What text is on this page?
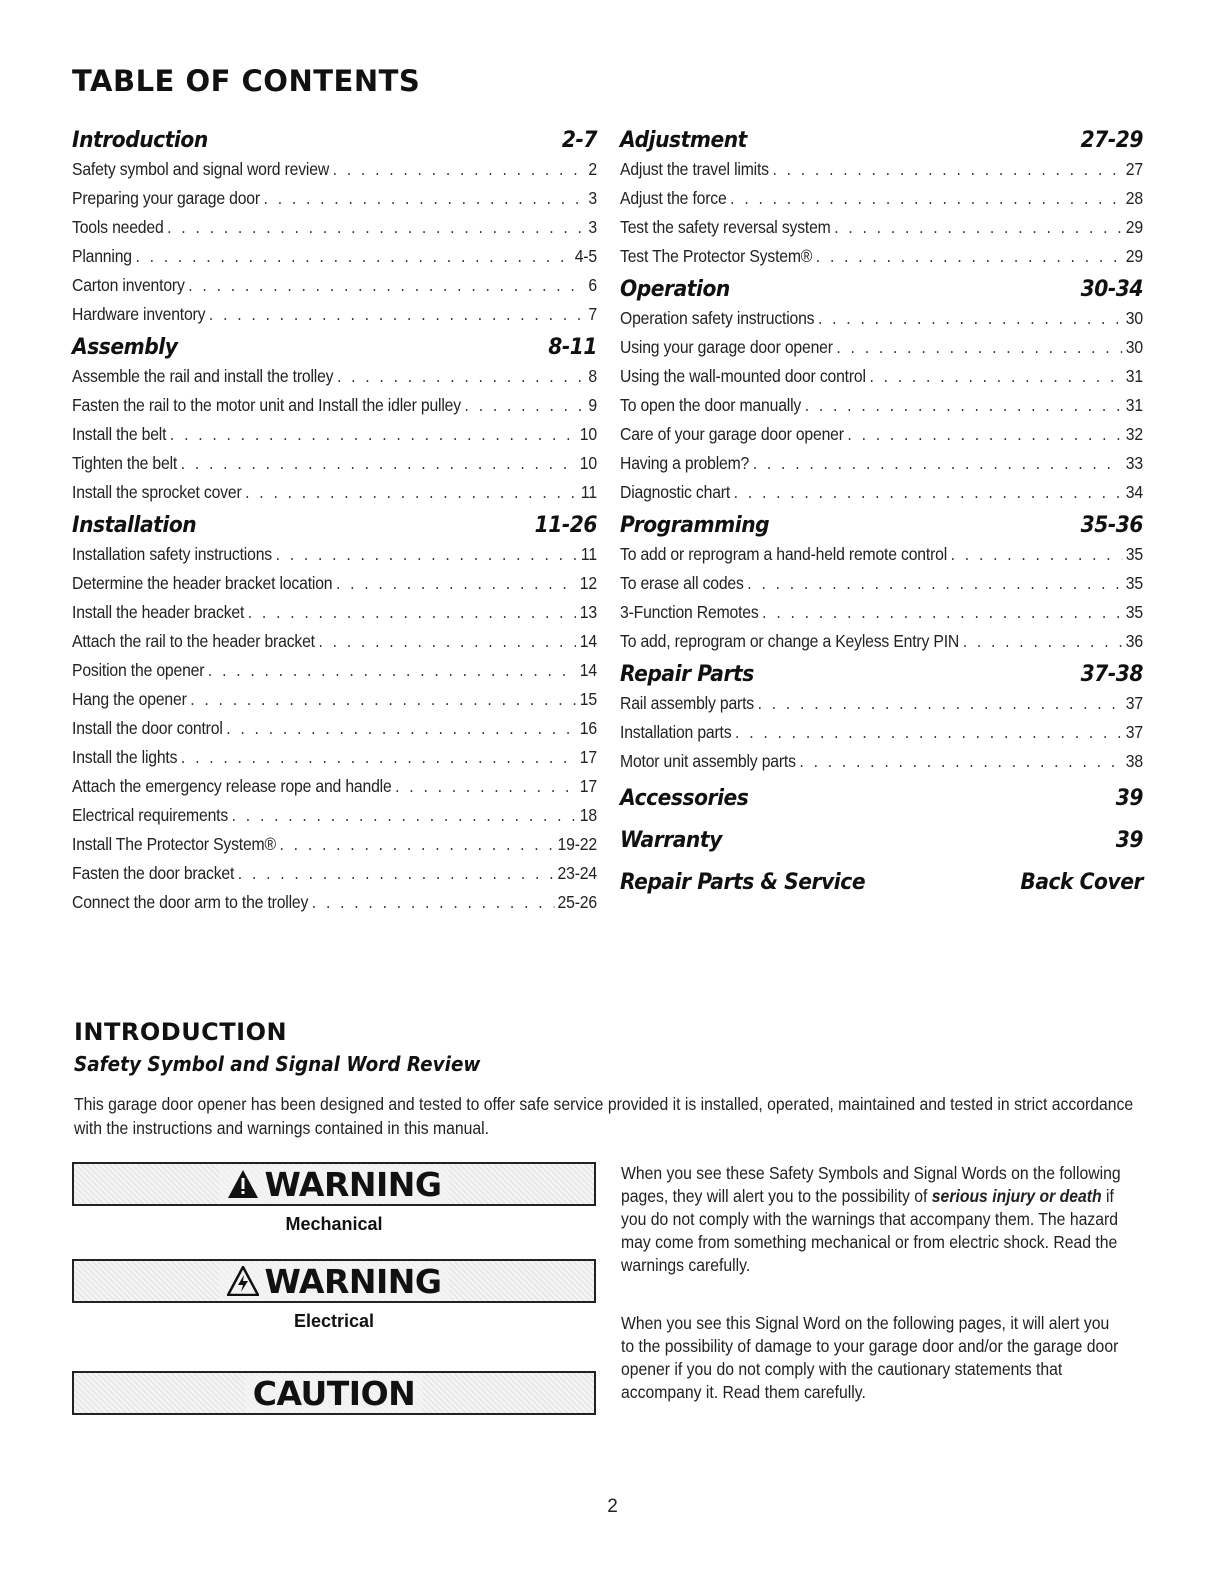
TABLE OF CONTENTS
Introduction	2-7
Safety symbol and signal word review . . .	2
Preparing your garage door . . .	3
Tools needed . . .	3
Planning . . .	4-5
Carton inventory . . .	6
Hardware inventory . . .	7
Assembly	8-11
Assemble the rail and install the trolley . . .	8
Fasten the rail to the motor unit and Install the idler pulley . . .	9
Install the belt . . .	10
Tighten the belt . . .	10
Install the sprocket cover . . .	11
Installation	11-26
Installation safety instructions . . .	11
Determine the header bracket location . . .	12
Install the header bracket . . .	13
Attach the rail to the header bracket . . .	14
Position the opener . . .	14
Hang the opener . . .	15
Install the door control . . .	16
Install the lights . . .	17
Attach the emergency release rope and handle . . .	17
Electrical requirements . . .	18
Install The Protector System® . . .	19-22
Fasten the door bracket . . .	23-24
Connect the door arm to the trolley . . .	25-26
Adjustment	27-29
Adjust the travel limits . . .	27
Adjust the force . . .	28
Test the safety reversal system . . .	29
Test The Protector System® . . .	29
Operation	30-34
Operation safety instructions . . .	30
Using your garage door opener . . .	30
Using the wall-mounted door control . . .	31
To open the door manually . . .	31
Care of your garage door opener . . .	32
Having a problem? . . .	33
Diagnostic chart . . .	34
Programming	35-36
To add or reprogram a hand-held remote control . . .	35
To erase all codes . . .	35
3-Function Remotes . . .	35
To add, reprogram or change a Keyless Entry PIN . . .	36
Repair Parts	37-38
Rail assembly parts . . .	37
Installation parts . . .	37
Motor unit assembly parts . . .	38
Accessories	39
Warranty	39
Repair Parts & Service	Back Cover
INTRODUCTION
Safety Symbol and Signal Word Review
This garage door opener has been designed and tested to offer safe service provided it is installed, operated, maintained and tested in strict accordance with the instructions and warnings contained in this manual.
WARNING
Mechanical
WARNING
Electrical
CAUTION
When you see these Safety Symbols and Signal Words on the following pages, they will alert you to the possibility of serious injury or death if you do not comply with the warnings that accompany them. The hazard may come from something mechanical or from electric shock. Read the warnings carefully.
When you see this Signal Word on the following pages, it will alert you to the possibility of damage to your garage door and/or the garage door opener if you do not comply with the cautionary statements that accompany it. Read them carefully.
2
